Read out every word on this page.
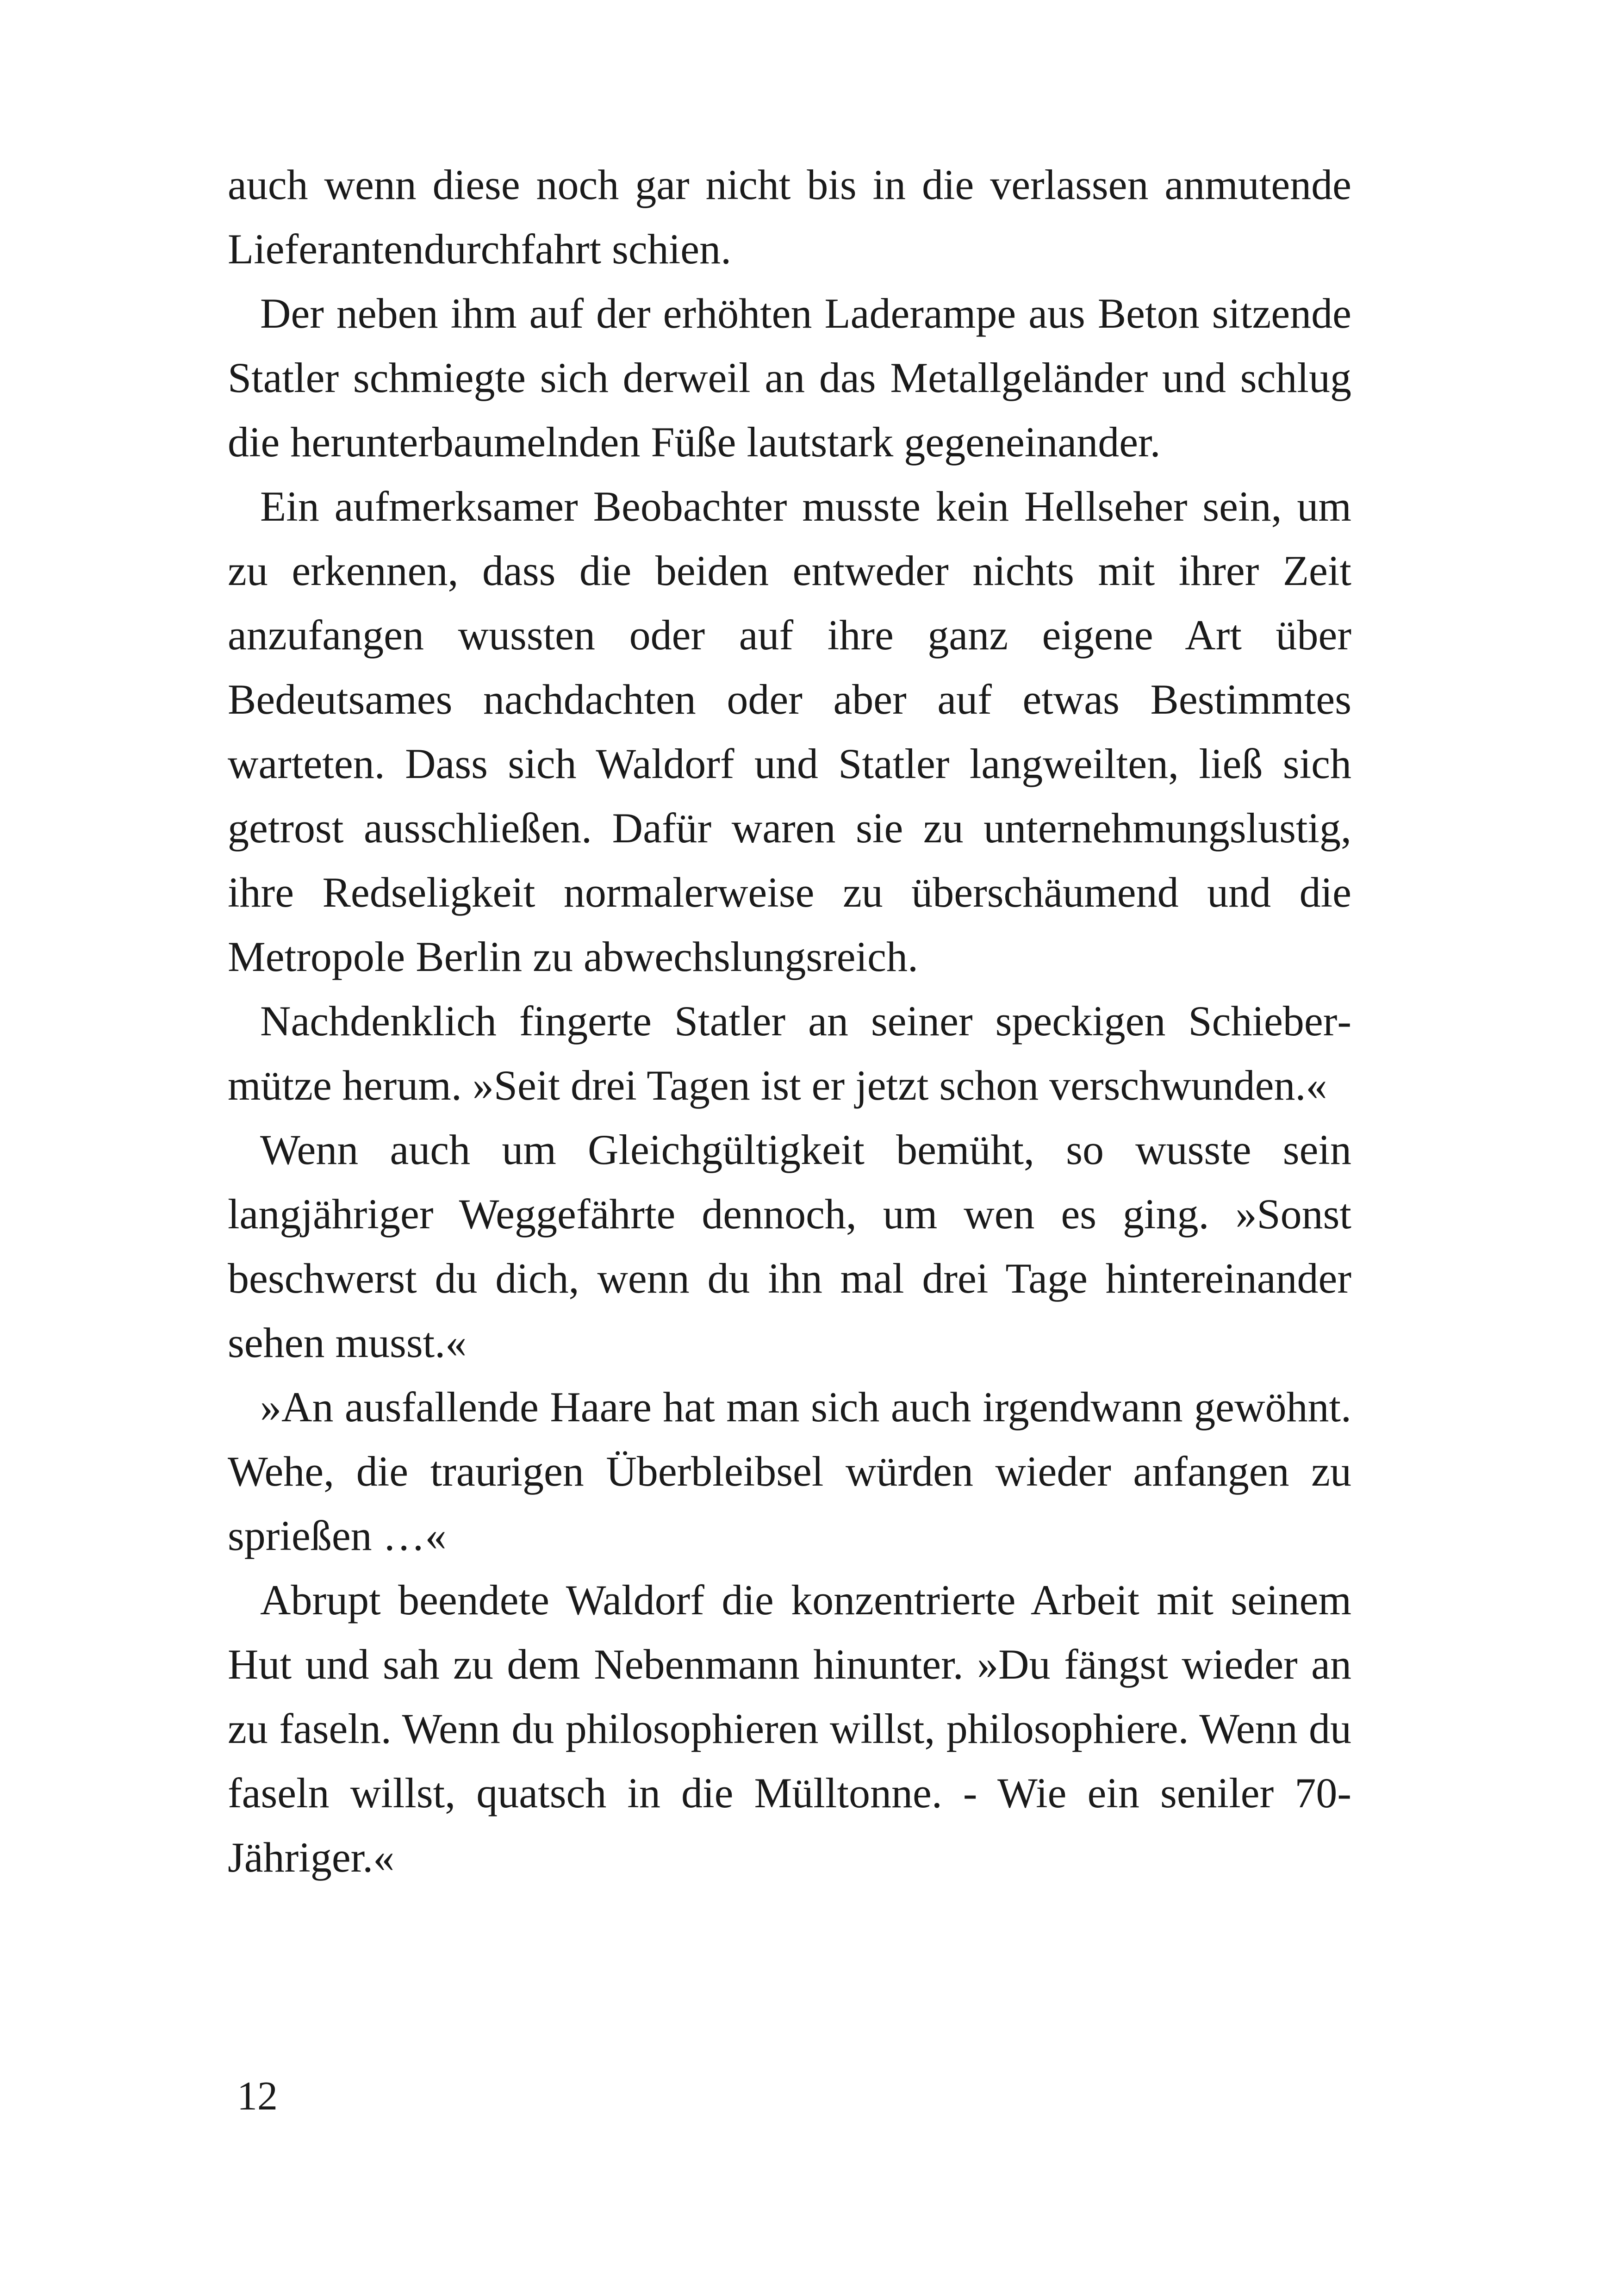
auch wenn diese noch gar nicht bis in die verlassen anmutende Lieferantendurchfahrt schien.

Der neben ihm auf der erhöhten Laderampe aus Beton sitzende Statler schmiegte sich derweil an das Metallgeländer und schlug die herunterbaumelnden Füße lautstark gegeneinander.

Ein aufmerksamer Beobachter musste kein Hellseher sein, um zu erkennen, dass die beiden entweder nichts mit ihrer Zeit anzufangen wussten oder auf ihre ganz eigene Art über Bedeutsames nachdachten oder aber auf etwas Bestimmtes warteten. Dass sich Waldorf und Statler langweilten, ließ sich getrost ausschließen. Dafür waren sie zu unternehmungslustig, ihre Redseligkeit normalerweise zu überschäumend und die Metropole Berlin zu abwechslungsreich.

Nachdenklich fingerte Statler an seiner speckigen Schiebermütze herum. »Seit drei Tagen ist er jetzt schon verschwunden.«

Wenn auch um Gleichgültigkeit bemüht, so wusste sein langjähriger Weggefährte dennoch, um wen es ging. »Sonst beschwerst du dich, wenn du ihn mal drei Tage hintereinander sehen musst.«

»An ausfallende Haare hat man sich auch irgendwann gewöhnt. Wehe, die traurigen Überbleibsel würden wieder anfangen zu sprießen …«

Abrupt beendete Waldorf die konzentrierte Arbeit mit seinem Hut und sah zu dem Nebenmann hinunter. »Du fängst wieder an zu faseln. Wenn du philosophieren willst, philosophiere. Wenn du faseln willst, quatsch in die Mülltonne. - Wie ein seniler 70-Jähriger.«

12
